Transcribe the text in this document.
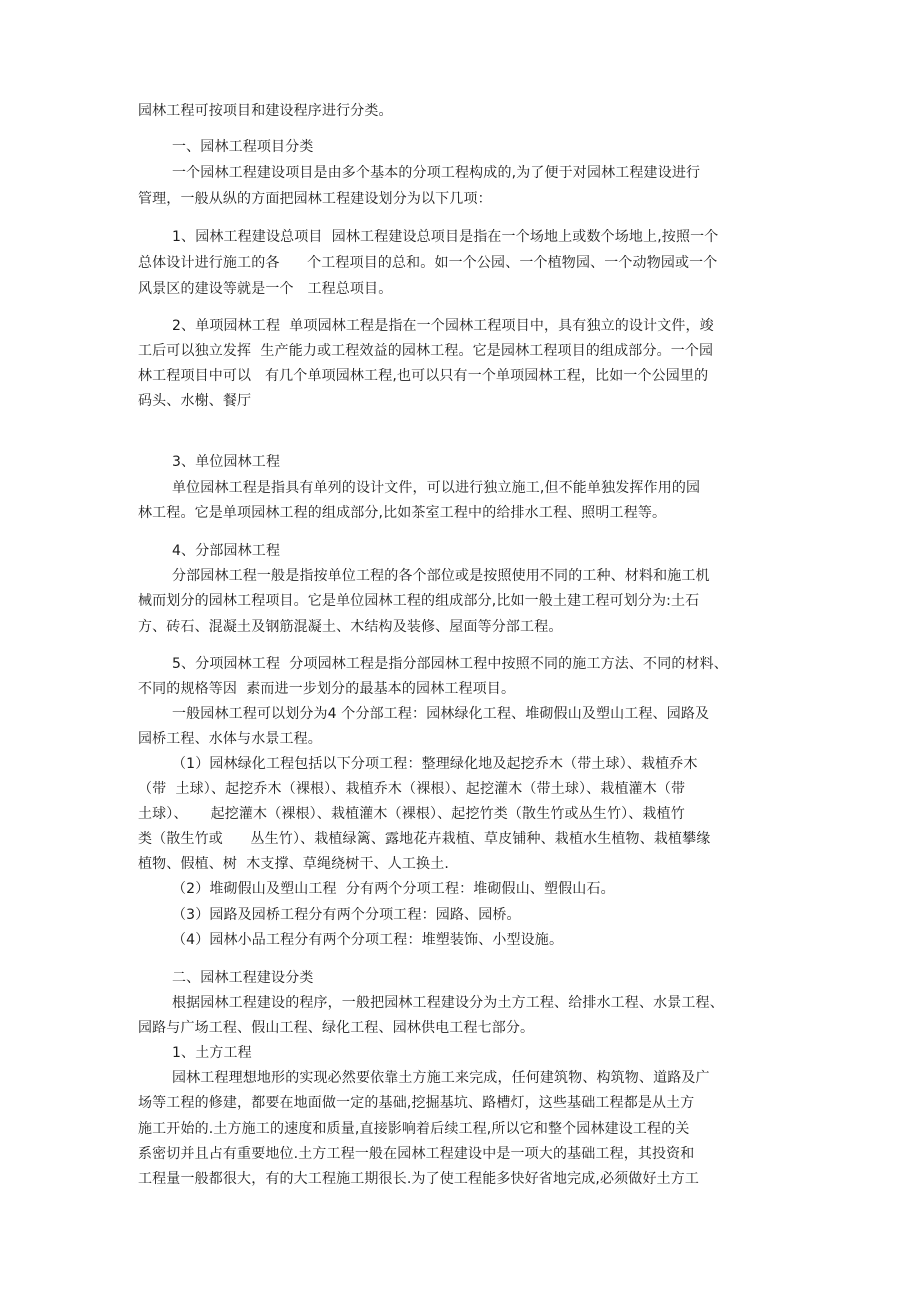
园林工程可按项目和建设程序进行分类。
一、园林工程项目分类
一个园林工程建设项目是由多个基本的分项工程构成的,为了便于对园林工程建设进行
管理，一般从纵的方面把园林工程建设划分为以下几项：
1、园林工程建设总项目  园林工程建设总项目是指在一个场地上或数个场地上,按照一个
总体设计进行施工的各      个工程项目的总和。如一个公园、一个植物园、一个动物园或一个
风景区的建设等就是一个   工程总项目。
2、单项园林工程  单项园林工程是指在一个园林工程项目中，具有独立的设计文件，竣
工后可以独立发挥  生产能力或工程效益的园林工程。它是园林工程项目的组成部分。一个园
林工程项目中可以   有几个单项园林工程,也可以只有一个单项园林工程，比如一个公园里的
码头、水榭、餐厅
3、单位园林工程
单位园林工程是指具有单列的设计文件，可以进行独立施工,但不能单独发挥作用的园
林工程。它是单项园林工程的组成部分,比如茶室工程中的给排水工程、照明工程等。
4、分部园林工程
分部园林工程一般是指按单位工程的各个部位或是按照使用不同的工种、材料和施工机
械而划分的园林工程项目。它是单位园林工程的组成部分,比如一般土建工程可划分为:土石
方、砖石、混凝土及钢筋混凝土、木结构及装修、屋面等分部工程。
5、分项园林工程  分项园林工程是指分部园林工程中按照不同的施工方法、不同的材料、
不同的规格等因  素而进一步划分的最基本的园林工程项目。
一般园林工程可以划分为4 个分部工程：园林绿化工程、堆砌假山及塑山工程、园路及
园桥工程、水体与水景工程。
（1）园林绿化工程包括以下分项工程：整理绿化地及起挖乔木（带土球）、栽植乔木
（带  土球）、起挖乔木（裸根）、栽植乔木（裸根）、起挖灌木（带土球）、栽植灌木（带
土球）、     起挖灌木（裸根）、栽植灌木（裸根）、起挖竹类（散生竹或丛生竹）、栽植竹
类（散生竹或      丛生竹）、栽植绿篱、露地花卉栽植、草皮铺种、栽植水生植物、栽植攀缘
植物、假植、树  木支撑、草绳绕树干、人工换土.
（2）堆砌假山及塑山工程  分有两个分项工程：堆砌假山、塑假山石。
（3）园路及园桥工程分有两个分项工程：园路、园桥。
（4）园林小品工程分有两个分项工程：堆塑装饰、小型设施。
二、园林工程建设分类
根据园林工程建设的程序，一般把园林工程建设分为土方工程、给排水工程、水景工程、
园路与广场工程、假山工程、绿化工程、园林供电工程七部分。
1、土方工程
园林工程理想地形的实现必然要依靠土方施工来完成，任何建筑物、构筑物、道路及广
场等工程的修建，都要在地面做一定的基础,挖掘基坑、路槽灯，这些基础工程都是从土方
施工开始的.土方施工的速度和质量,直接影响着后续工程,所以它和整个园林建设工程的关
系密切并且占有重要地位.土方工程一般在园林工程建设中是一项大的基础工程，其投资和
工程量一般都很大，有的大工程施工期很长.为了使工程能多快好省地完成,必须做好土方工
